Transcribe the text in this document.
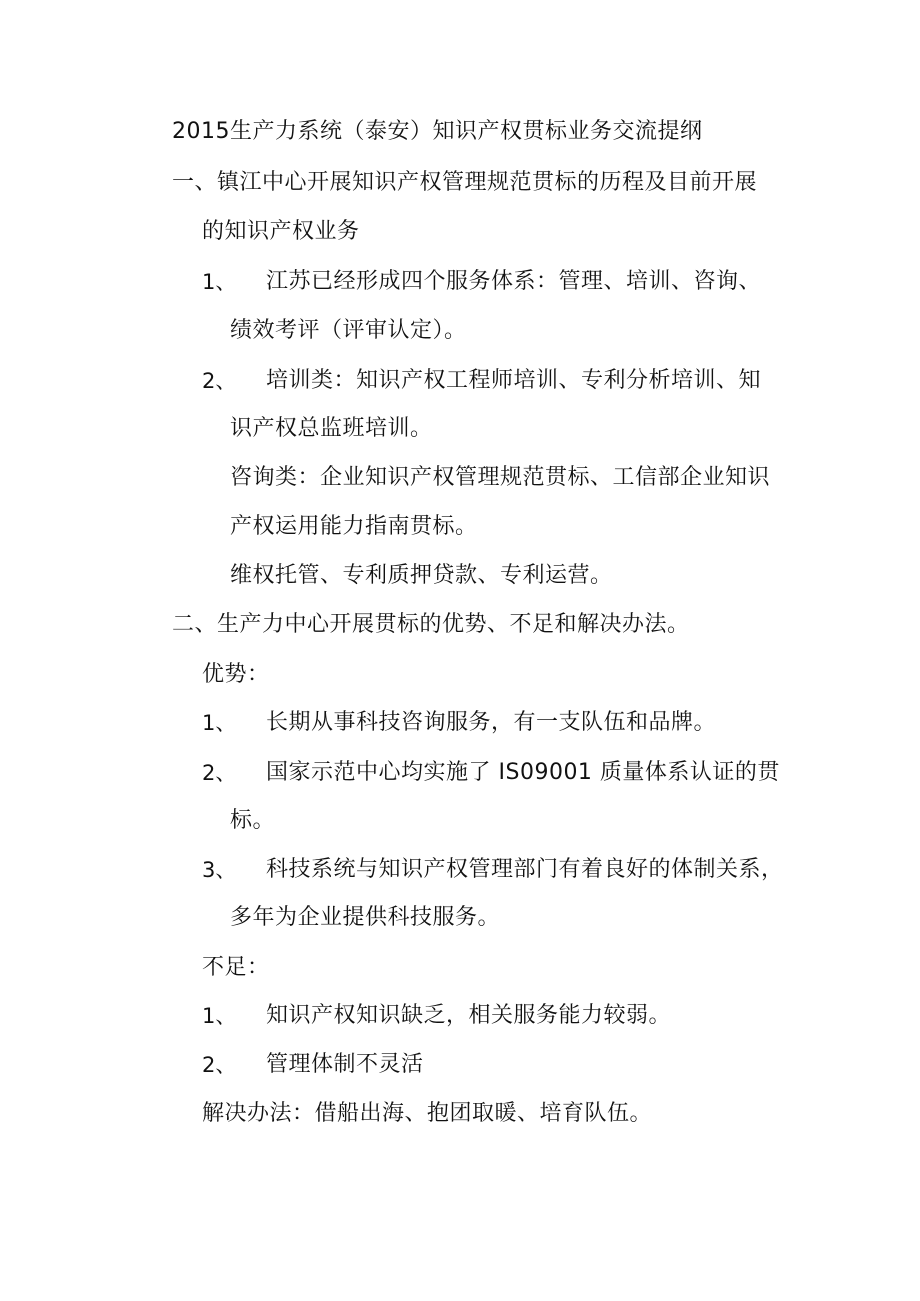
2015生产力系统（泰安）知识产权贯标业务交流提纲
一、镇江中心开展知识产权管理规范贯标的历程及目前开展
的知识产权业务
1、 江苏已经形成四个服务体系：管理、培训、咨询、
绩效考评（评审认定）。
2、 培训类：知识产权工程师培训、专利分析培训、知
识产权总监班培训。
咨询类：企业知识产权管理规范贯标、工信部企业知识
产权运用能力指南贯标。
维权托管、专利质押贷款、专利运营。
二、生产力中心开展贯标的优势、不足和解决办法。
优势：
1、 长期从事科技咨询服务，有一支队伍和品牌。
2、 国家示范中心均实施了 IS09001 质量体系认证的贯
标。
3、 科技系统与知识产权管理部门有着良好的体制关系，
多年为企业提供科技服务。
不足：
1、 知识产权知识缺乏，相关服务能力较弱。
2、 管理体制不灵活
解决办法：借船出海、抱团取暖、培育队伍。
